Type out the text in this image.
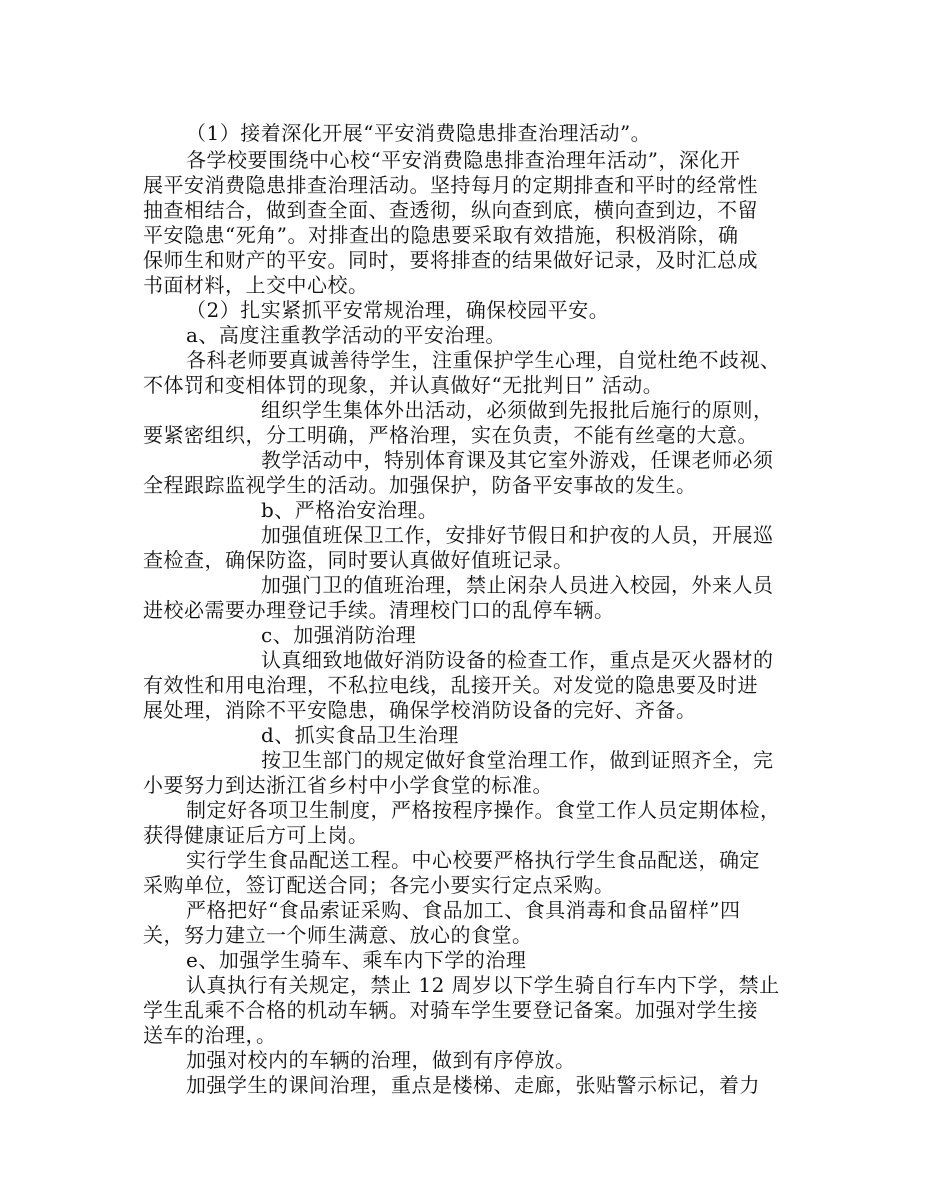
（1）接着深化开展“平安消费隐患排查治理活动”。
各学校要围绕中心校“平安消费隐患排查治理年活动”，深化开
展平安消费隐患排查治理活动。坚持每月的定期排查和平时的经常性
抽查相结合，做到查全面、查透彻，纵向查到底，横向查到边，不留
平安隐患“死角”。对排查出的隐患要采取有效措施，积极消除，确
保师生和财产的平安。同时，要将排查的结果做好记录，及时汇总成
书面材料，上交中心校。
（2）扎实紧抓平安常规治理，确保校园平安。
a、高度注重教学活动的平安治理。
各科老师要真诚善待学生，注重保护学生心理，自觉杜绝不歧视、
不体罚和变相体罚的现象，并认真做好“无批判日” 活动。
组织学生集体外出活动，必须做到先报批后施行的原则，
要紧密组织，分工明确，严格治理，实在负责，不能有丝毫的大意。
教学活动中，特别体育课及其它室外游戏，任课老师必须
全程跟踪监视学生的活动。加强保护，防备平安事故的发生。
b、严格治安治理。
加强值班保卫工作，安排好节假日和护夜的人员，开展巡
查检查，确保防盗，同时要认真做好值班记录。
加强门卫的值班治理，禁止闲杂人员进入校园，外来人员
进校必需要办理登记手续。清理校门口的乱停车辆。
c、加强消防治理
认真细致地做好消防设备的检查工作，重点是灭火器材的
有效性和用电治理，不私拉电线，乱接开关。对发觉的隐患要及时进
展处理，消除不平安隐患，确保学校消防设备的完好、齐备。
d、抓实食品卫生治理
按卫生部门的规定做好食堂治理工作，做到证照齐全，完
小要努力到达浙江省乡村中小学食堂的标准。
制定好各项卫生制度，严格按程序操作。食堂工作人员定期体检，
获得健康证后方可上岗。
实行学生食品配送工程。中心校要严格执行学生食品配送，确定
采购单位，签订配送合同；各完小要实行定点采购。
严格把好“食品索证采购、食品加工、食具消毒和食品留样”四
关，努力建立一个师生满意、放心的食堂。
e、加强学生骑车、乘车内下学的治理
认真执行有关规定，禁止 12 周岁以下学生骑自行车内下学，禁止
学生乱乘不合格的机动车辆。对骑车学生要登记备案。加强对学生接
送车的治理，。
加强对校内的车辆的治理，做到有序停放。
加强学生的课间治理，重点是楼梯、走廊，张贴警示标记，着力
